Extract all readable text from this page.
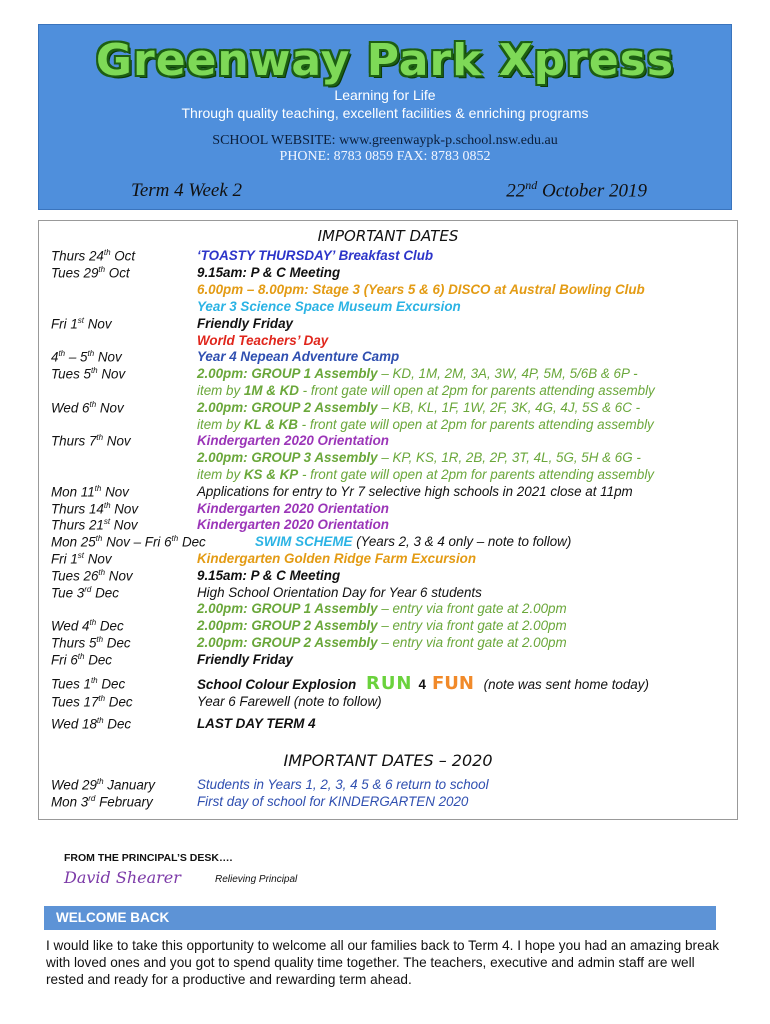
Greenway Park Xpress
Learning for Life
Through quality teaching, excellent facilities & enriching programs
SCHOOL WEBSITE: www.greenwaypk-p.school.nsw.edu.au
PHONE: 8783 0859 FAX: 8783 0852
Term 4 Week 2	22nd October 2019
IMPORTANT DATES
Thurs 24th Oct	‘TOASTY THURSDAY’ Breakfast Club
Tues 29th Oct	9.15am: P & C Meeting
6.00pm – 8.00pm: Stage 3 (Years 5 & 6) DISCO at Austral Bowling Club
Year 3 Science Space Museum Excursion
Fri 1st Nov	Friendly Friday
World Teachers’ Day
4th – 5th Nov	Year 4 Nepean Adventure Camp
Tues 5th Nov	2.00pm: GROUP 1 Assembly – KD, 1M, 2M, 3A, 3W, 4P, 5M, 5/6B & 6P -
item by 1M & KD - front gate will open at 2pm for parents attending assembly
Wed 6th Nov	2.00pm: GROUP 2 Assembly – KB, KL, 1F, 1W, 2F, 3K, 4G, 4J, 5S & 6C -
item by KL & KB - front gate will open at 2pm for parents attending assembly
Thurs 7th Nov	Kindergarten 2020 Orientation
2.00pm: GROUP 3 Assembly – KP, KS, 1R, 2B, 2P, 3T, 4L, 5G, 5H & 6G -
item by KS & KP - front gate will open at 2pm for parents attending assembly
Mon 11th Nov	Applications for entry to Yr 7 selective high schools in 2021 close at 11pm
Thurs 14th Nov	Kindergarten 2020 Orientation
Thurs 21st Nov	Kindergarten 2020 Orientation
Mon 25th Nov – Fri 6th Dec	SWIM SCHEME (Years 2, 3 & 4 only – note to follow)
Fri 1st Nov	Kindergarten Golden Ridge Farm Excursion
Tues 26th Nov	9.15am: P & C Meeting
Tue 3rd Dec	High School Orientation Day for Year 6 students
2.00pm: GROUP 1 Assembly – entry via front gate at 2.00pm
Wed 4th Dec	2.00pm: GROUP 2 Assembly – entry via front gate at 2.00pm
Thurs 5th Dec	2.00pm: GROUP 2 Assembly – entry via front gate at 2.00pm
Fri 6th Dec	Friendly Friday
Tues 1th Dec	School Colour Explosion RUN 4 FUN (note was sent home today)
Tues 17th Dec	Year 6 Farewell (note to follow)
Wed 18th Dec	LAST DAY TERM 4
IMPORTANT DATES – 2020
Wed 29th January	Students in Years 1, 2, 3, 4 5 & 6 return to school
Mon 3rd February	First day of school for KINDERGARTEN 2020
FROM THE PRINCIPAL’S DESK….
David Shearer	Relieving Principal
WELCOME BACK
I would like to take this opportunity to welcome all our families back to Term 4. I hope you had an amazing break with loved ones and you got to spend quality time together. The teachers, executive and admin staff are well rested and ready for a productive and rewarding term ahead.
